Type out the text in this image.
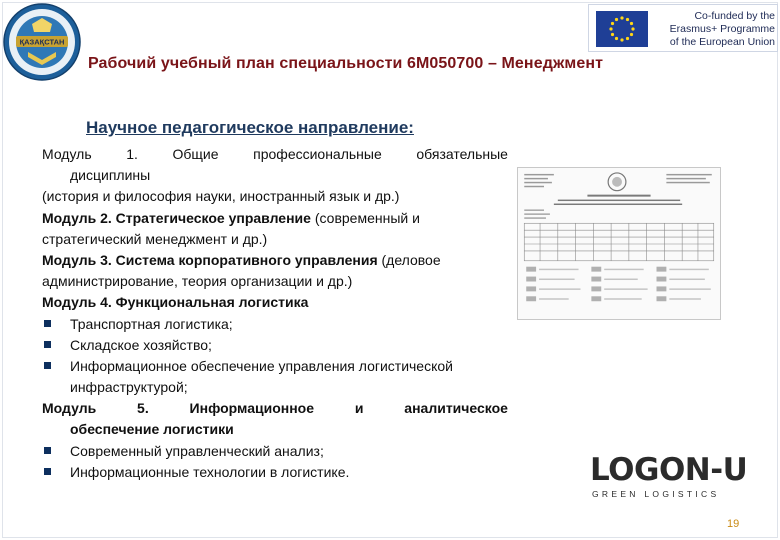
ҚАЗАҚСТАН
Co-funded by the
Erasmus+ Programme
of the European Union
Рабочий учебный план специальности 6М050700 – Менеджмент
Научное педагогическое направление:
Модуль 1. Общие профессиональные обязательные
дисциплины
(история и философия науки, иностранный язык и др.)
Модуль 2. Стратегическое управление (современный и
стратегический менеджмент и др.)
Модуль 3. Система корпоративного управления (деловое
администрирование, теория организации и др.)
Модуль 4. Функциональная логистика
Транспортная логистика;
Складское хозяйство;
Информационное обеспечение управления логистической
инфраструктурой;
Модуль	5.	Информационное	и	аналитическое
обеспечение логистики
Современный управленческий анализ;
Информационные технологии в логистике.	LOGON-U
GREEN LOGISTICS
19
